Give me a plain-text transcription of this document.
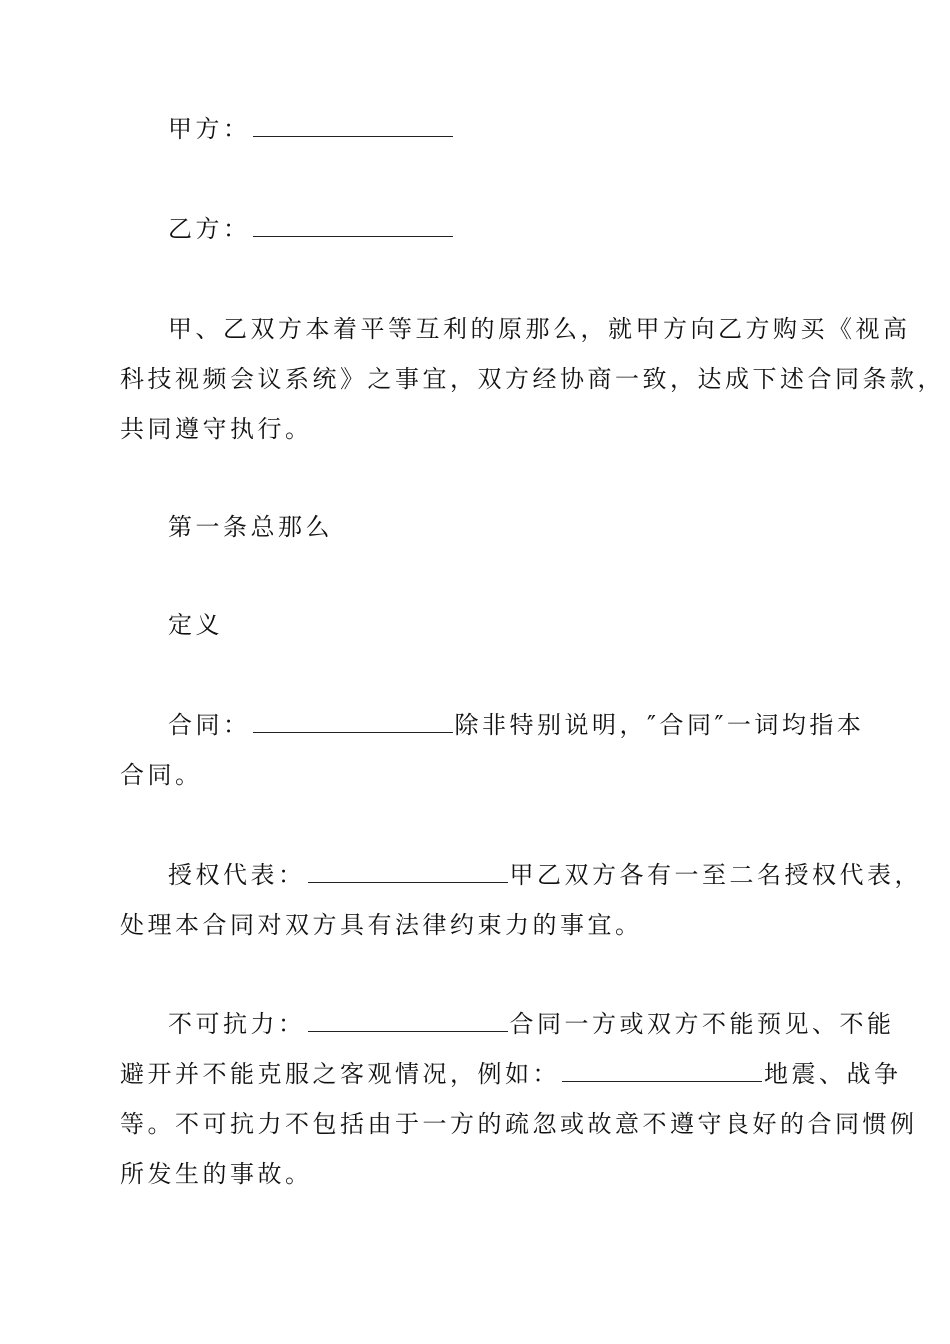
甲方：
乙方：
甲、乙双方本着平等互利的原那么，就甲方向乙方购买《视高
科技视频会议系统》之事宜，双方经协商一致，达成下述合同条款，
共同遵守执行。
第一条总那么
定义
合同：	除非特别说明，″合同″一词均指本
合同。
授权代表：	甲乙双方各有一至二名授权代表，
处理本合同对双方具有法律约束力的事宜。
不可抗力：	合同一方或双方不能预见、不能
避开并不能克服之客观情况，例如：	地震、战争
等。不可抗力不包括由于一方的疏忽或故意不遵守良好的合同惯例
所发生的事故。
